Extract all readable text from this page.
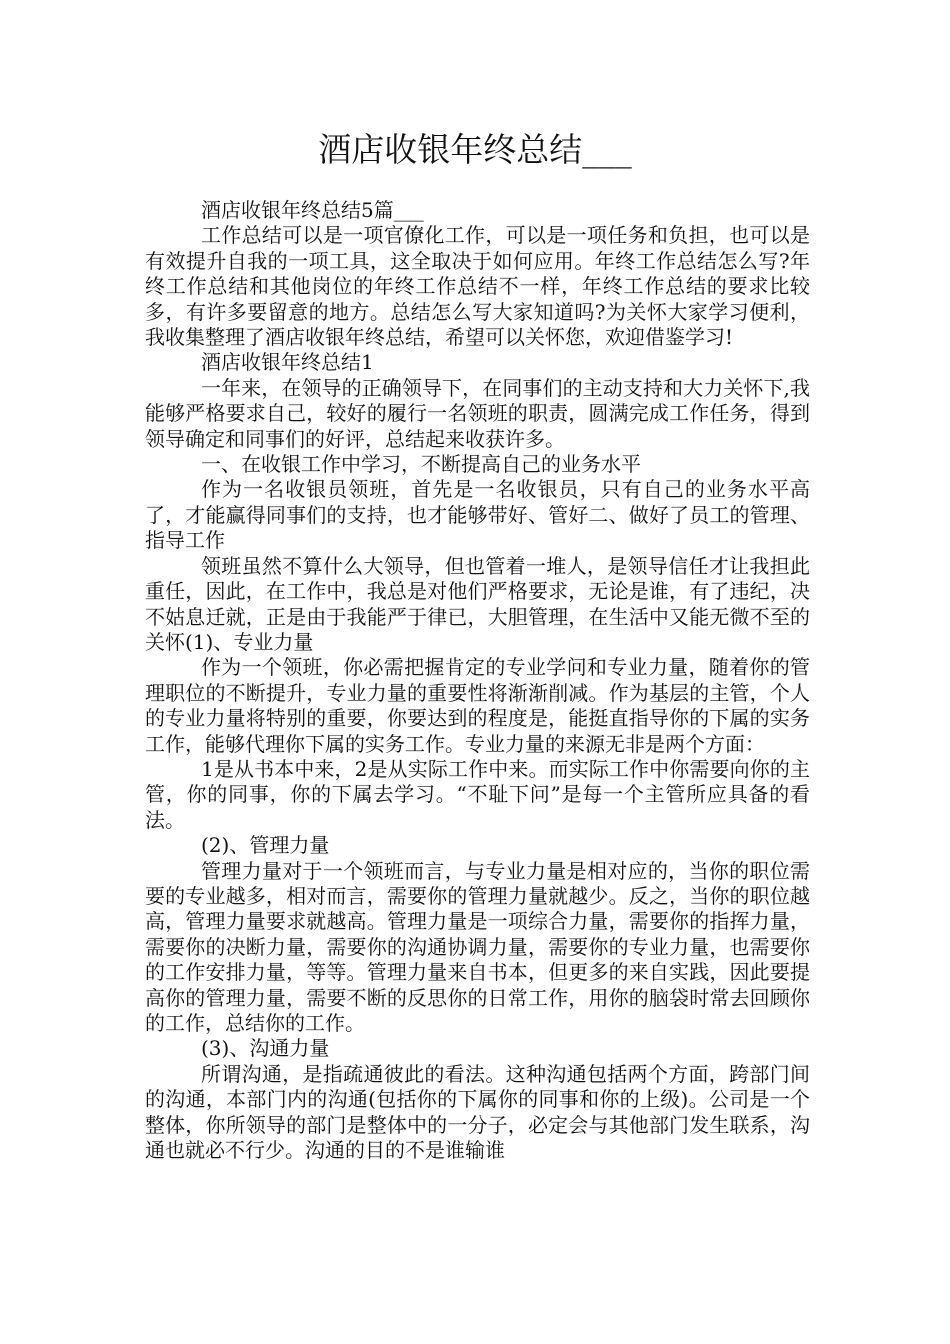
酒店收银年终总结___

酒店收银年终总结5篇___

工作总结可以是一项官僚化工作，可以是一项任务和负担，也可以是有效提升自我的一项工具，这全取决于如何应用。年终工作总结怎么写?年终工作总结和其他岗位的年终工作总结不一样，年终工作总结的要求比较多，有许多要留意的地方。总结怎么写大家知道吗?为关怀大家学习便利，我收集整理了酒店收银年终总结，希望可以关怀您，欢迎借鉴学习!

酒店收银年终总结1

一年来，在领导的正确领导下，在同事们的主动支持和大力关怀下,我能够严格要求自己，较好的履行一名领班的职责，圆满完成工作任务，得到领导确定和同事们的好评，总结起来收获许多。

一、在收银工作中学习，不断提高自己的业务水平

作为一名收银员领班，首先是一名收银员，只有自己的业务水平高了，才能赢得同事们的支持，也才能够带好、管好二、做好了员工的管理、指导工作

领班虽然不算什么大领导，但也管着一堆人，是领导信任才让我担此重任，因此，在工作中，我总是对他们严格要求，无论是谁，有了违纪，决不姑息迁就，正是由于我能严于律已，大胆管理，在生活中又能无微不至的关怀(1)、专业力量

作为一个领班，你必需把握肯定的专业学问和专业力量，随着你的管理职位的不断提升，专业力量的重要性将渐渐削减。作为基层的主管，个人的专业力量将特别的重要，你要达到的程度是，能挺直指导你的下属的实务工作，能够代理你下属的实务工作。专业力量的来源无非是两个方面：

1是从书本中来，2是从实际工作中来。而实际工作中你需要向你的主管，你的同事，你的下属去学习。“不耻下问”是每一个主管所应具备的看法。

(2)、管理力量

管理力量对于一个领班而言，与专业力量是相对应的，当你的职位需要的专业越多，相对而言，需要你的管理力量就越少。反之，当你的职位越高，管理力量要求就越高。管理力量是一项综合力量，需要你的指挥力量，需要你的决断力量，需要你的沟通协调力量，需要你的专业力量，也需要你的工作安排力量，等等。管理力量来自书本，但更多的来自实践，因此要提高你的管理力量，需要不断的反思你的日常工作，用你的脑袋时常去回顾你的工作，总结你的工作。

(3)、沟通力量

所谓沟通，是指疏通彼此的看法。这种沟通包括两个方面，跨部门间的沟通，本部门内的沟通(包括你的下属你的同事和你的上级)。公司是一个整体，你所领导的部门是整体中的一分子，必定会与其他部门发生联系，沟通也就必不行少。沟通的目的不是谁输谁
